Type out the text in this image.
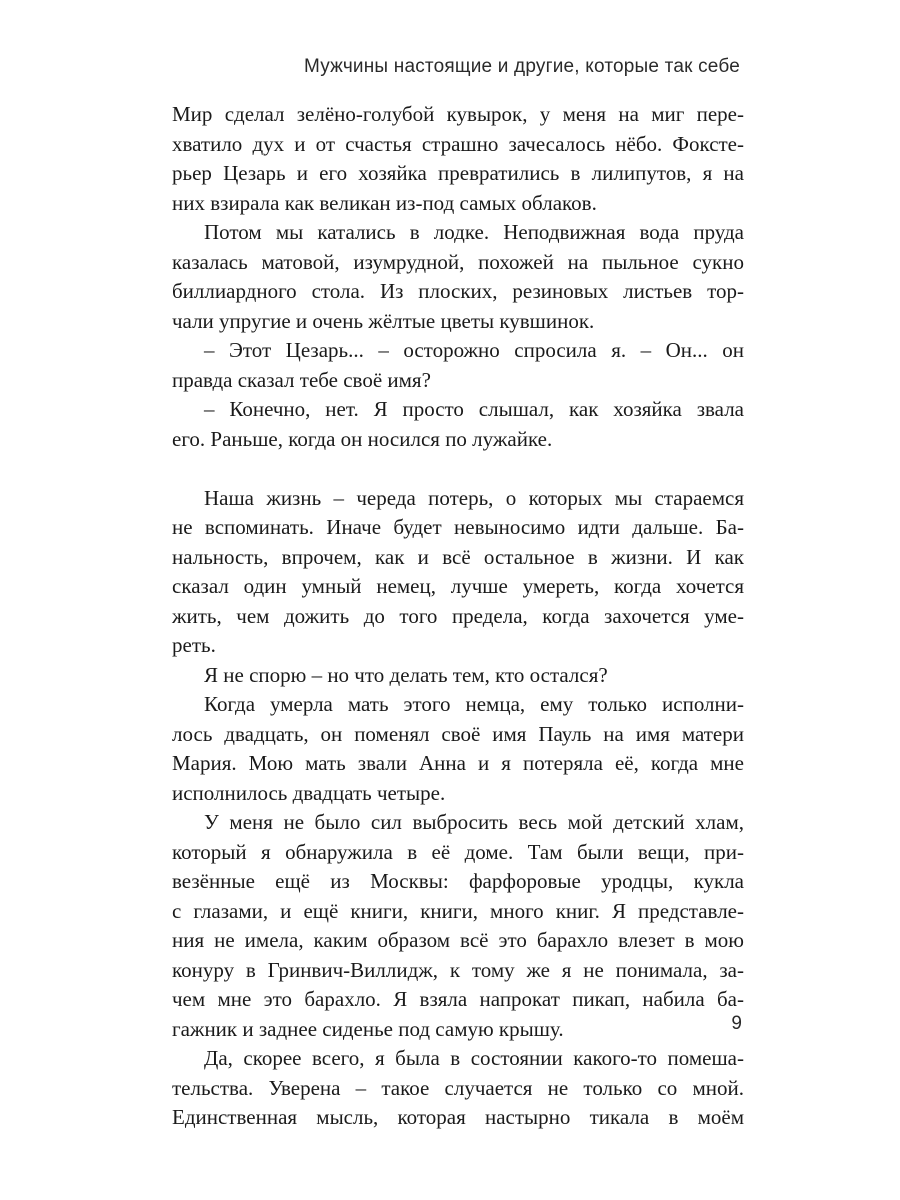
Мужчины настоящие и другие, которые так себе
Мир сделал зелёно-голубой кувырок, у меня на миг пере-
хватило дух и от счастья страшно зачесалось нёбо. Фоксте-
рьер Цезарь и его хозяйка превратились в лилипутов, я на
них взирала как великан из-под самых облаков.
Потом мы катались в лодке. Неподвижная вода пруда
казалась матовой, изумрудной, похожей на пыльное сукно
биллиардного стола. Из плоских, резиновых листьев тор-
чали упругие и очень жёлтые цветы кувшинок.
– Этот Цезарь... – осторожно спросила я. – Он... он
правда сказал тебе своё имя?
– Конечно, нет. Я просто слышал, как хозяйка звала
его. Раньше, когда он носился по лужайке.
Наша жизнь – череда потерь, о которых мы стараемся
не вспоминать. Иначе будет невыносимо идти дальше. Ба-
нальность, впрочем, как и всё остальное в жизни. И как
сказал один умный немец, лучше умереть, когда хочется
жить, чем дожить до того предела, когда захочется уме-
реть.
Я не спорю – но что делать тем, кто остался?
Когда умерла мать этого немца, ему только исполни-
лось двадцать, он поменял своё имя Пауль на имя матери
Мария. Мою мать звали Анна и я потеряла её, когда мне
исполнилось двадцать четыре.
У меня не было сил выбросить весь мой детский хлам,
который я обнаружила в её доме. Там были вещи, при-
везённые ещё из Москвы: фарфоровые уродцы, кукла
с глазами, и ещё книги, книги, много книг. Я представле-
ния не имела, каким образом всё это барахло влезет в мою
конуру в Гринвич-Виллидж, к тому же я не понимала, за-
чем мне это барахло. Я взяла напрокат пикап, набила ба-
гажник и заднее сиденье под самую крышу.
Да, скорее всего, я была в состоянии какого-то помеша-
тельства. Уверена – такое случается не только со мной.
Единственная мысль, которая настырно тикала в моём
9
